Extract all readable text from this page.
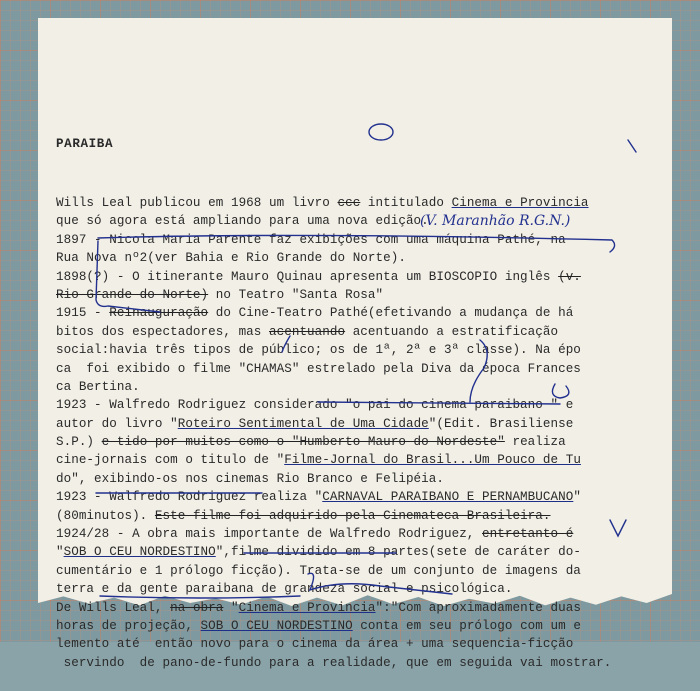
PARAIBA

Wills Leal publicou em 1968 um livro ccc intitulado Cinema e Provincia
que só agora está ampliando para uma nova edição.
1897 - Nicola Maria Parente faz exibições com uma máquina Pathé, na
Rua Nova nº2(ver Bahia e Rio Grande do Norte).
1898(?) - O itinerante Mauro Quinau apresenta um BIOSCOPIO inglês (v.
Rio Grande do Norte) no Teatro "Santa Rosa"
1915 - Reinauguração do Cine-Teatro Pathé(efetivando a mudança de há
bitos dos espectadores, mas acentuando acentuando a estratificação
social:havia três tipos de público; os de 1ª, 2ª e 3ª classe). Na épo
ca  foi exibido o filme "CHAMAS" estrelado pela Diva da época Frances
ca Bertina.
1923 - Walfredo Rodriguez considerado "o pai do cinema paraibano " e
autor do livro "Roteiro Sentimental de Uma Cidade"(Edit. Brasiliense
S.P.) e tido por muitos como o "Humberto Mauro do Nordeste" realiza
cine-jornais com o titulo de "Filme-Jornal do Brasil...Um Pouco de Tu
do", exibindo-os nos cinemas Rio Branco e Felipéia.
1923 - Walfredo Rodriguez realiza "CARNAVAL PARAIBANO E PERNAMBUCANO"
(80minutos). Este filme foi adquirido pela Cinemateca Brasileira.
1924/28 - A obra mais importante de Walfredo Rodriguez, entretanto é
"SOB O CEU NORDESTINO",filme dividido em 8 partes(sete de caráter do-
cumentário e 1 prólogo ficção). Trata-se de um conjunto de imagens da
terra e da gente paraibana de grandeza social e psicológica.
De Wills Leal, na obra "Cinema e Provincia":"Com aproximadamente duas
horas de projeção, SOB O CEU NORDESTINO conta em seu prólogo com um e
lemento até  então novo para o cinema da área + uma sequencia-ficção
servindo  de pano-de-fundo para a realidade, que em seguida vai mostrar.

(V. Maranhão R.G.N.)
